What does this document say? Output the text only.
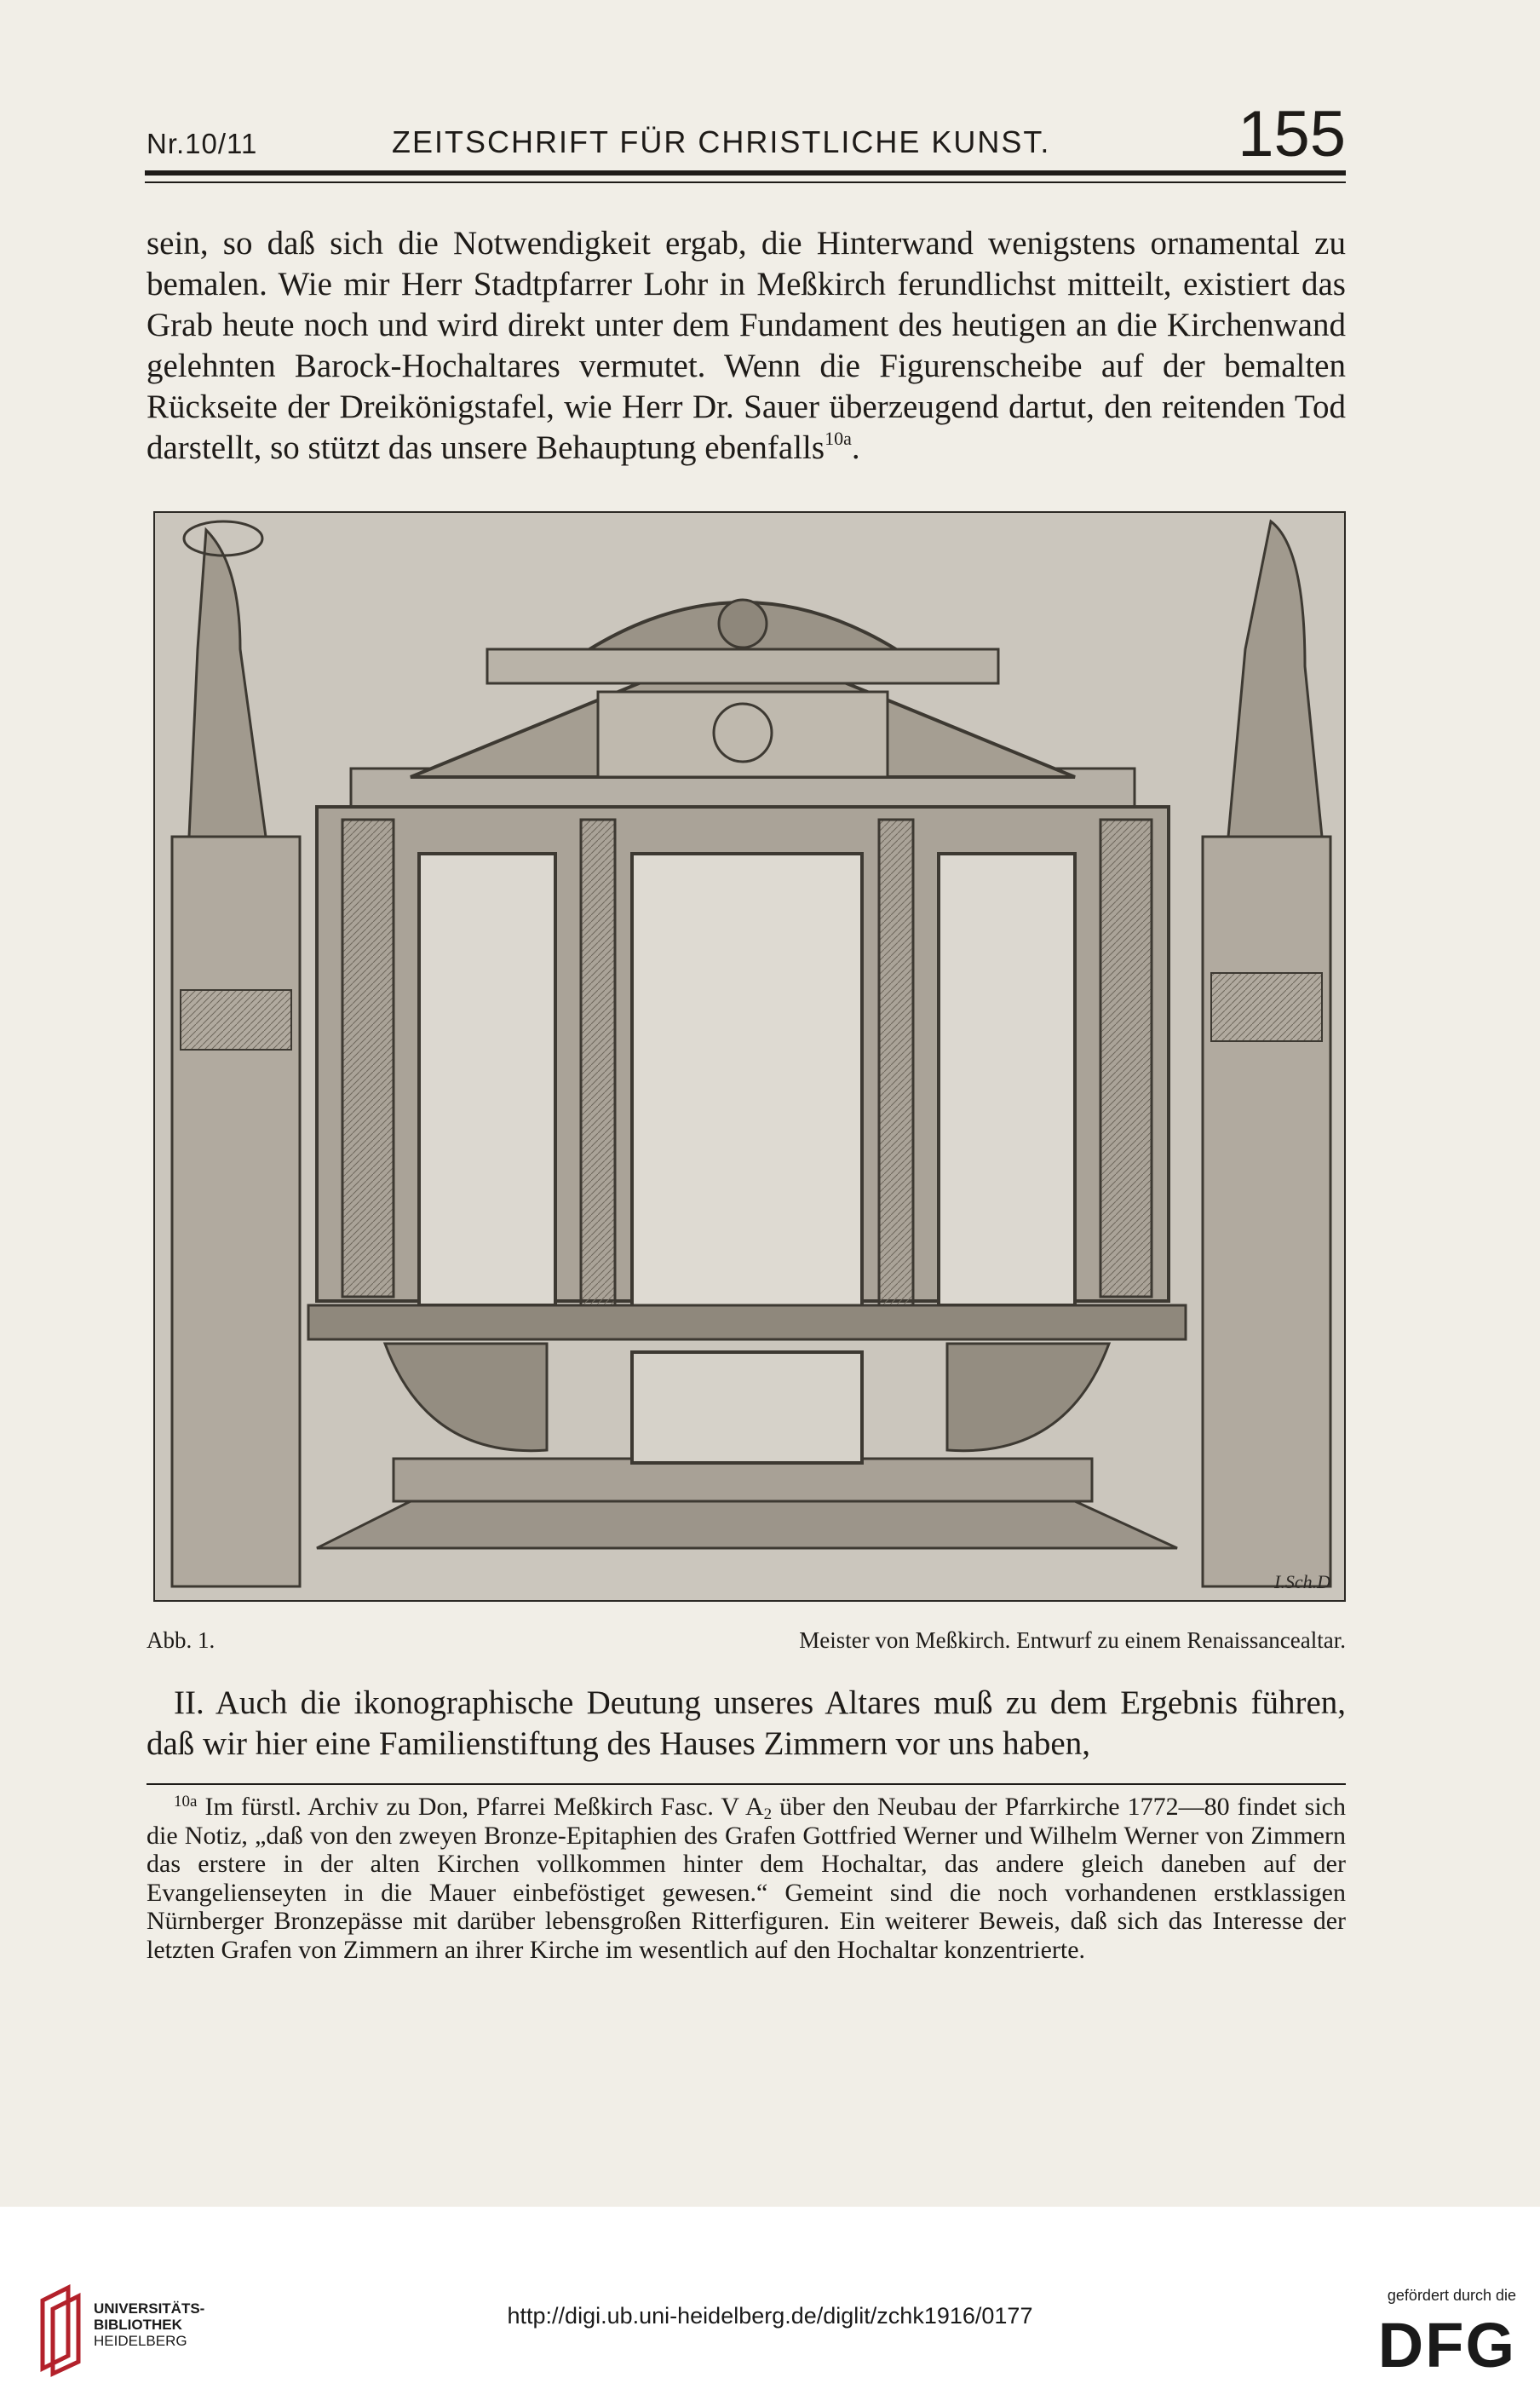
Nr.10/11	ZEITSCHRIFT FÜR CHRISTLICHE KUNST.	155

sein, so daß sich die Notwendigkeit ergab, die Hinterwand wenigstens ornamental zu bemalen. Wie mir Herr Stadtpfarrer Lohr in Meßkirch ferundlichst mitteilt, existiert das Grab heute noch und wird direkt unter dem Fundament des heutigen an die Kirchenwand gelehnten Barock-Hochaltares vermutet. Wenn die Figurenscheibe auf der bemalten Rückseite der Dreikönigstafel, wie Herr Dr. Sauer überzeugend dartut, den reitenden Tod darstellt, so stützt das unsere Behauptung ebenfalls$^{10a}$.

I.Sch.D
Abb. 1.	Meister von Meßkirch. Entwurf zu einem Renaissancealtar.

II. Auch die ikonographische Deutung unseres Altares muß zu dem Ergebnis führen, daß wir hier eine Familienstiftung des Hauses Zimmern vor uns haben,

$^{10a}$ Im fürstl. Archiv zu Don, Pfarrei Meßkirch Fasc. V $A_2$ über den Neubau der Pfarrkirche 1772—80 findet sich die Notiz, „daß von den zweyen Bronze-Epitaphien des Grafen Gottfried Werner und Wilhelm Werner von Zimmern das erstere in der alten Kirchen vollkommen hinter dem Hochaltar, das andere gleich daneben auf der Evangelienseyten in die Mauer einbeföstiget gewesen.“ Gemeint sind die noch vorhandenen erstklassigen Nürnberger Bronzepässe mit darüber lebensgroßen Ritterfiguren. Ein weiterer Beweis, daß sich das Interesse der letzten Grafen von Zimmern an ihrer Kirche im wesentlich auf den Hochaltar konzentrierte.

UNIVERSITÄTS-
BIBLIOTHEK
HEIDELBERG
http://digi.ub.uni-heidelberg.de/diglit/zchk1916/0177
gefördert durch die
DFG
